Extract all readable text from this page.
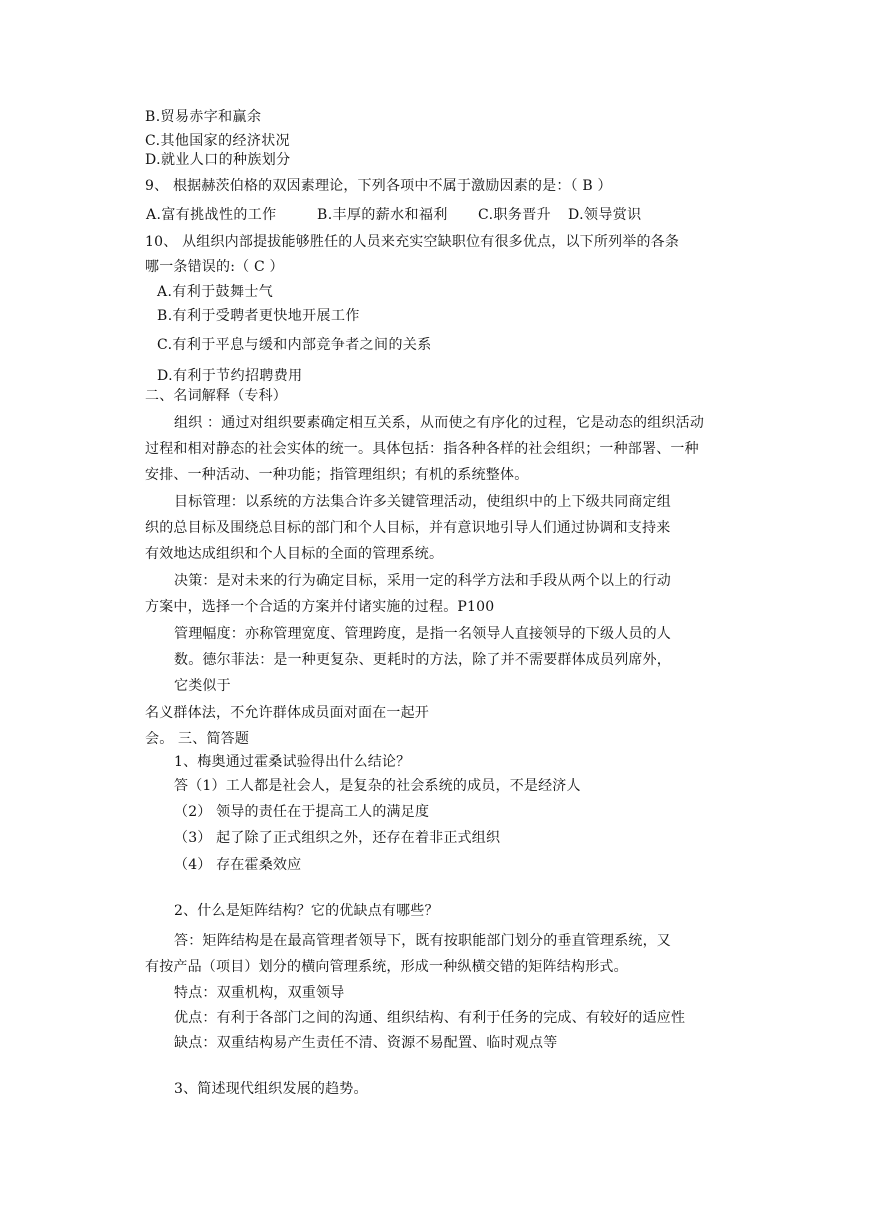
B.贸易赤字和赢余
C.其他国家的经济状况
D.就业人口的种族划分
9、 根据赫茨伯格的双因素理论，下列各项中不属于激励因素的是：（ B ）
A.富有挑战性的工作	B.丰厚的薪水和福利 C.职务晋升 D.领导赏识
10、 从组织内部提拔能够胜任的人员来充实空缺职位有很多优点，以下所列举的各条
哪一条错误的:（ C ）
A.有利于鼓舞士气
B.有利于受聘者更快地开展工作
C.有利于平息与缓和内部竞争者之间的关系
D.有利于节约招聘费用
二、名词解释（专科）
组织 ：通过对组织要素确定相互关系，从而使之有序化的过程，它是动态的组织活动
过程和相对静态的社会实体的统一。具体包括：指各种各样的社会组织；一种部署、一种
安排、一种活动、一种功能；指管理组织；有机的系统整体。
目标管理：以系统的方法集合许多关键管理活动，使组织中的上下级共同商定组
织的总目标及围绕总目标的部门和个人目标，并有意识地引导人们通过协调和支持来
有效地达成组织和个人目标的全面的管理系统。
决策：是对未来的行为确定目标，采用一定的科学方法和手段从两个以上的行动
方案中，选择一个合适的方案并付诸实施的过程。P100
管理幅度：亦称管理宽度、管理跨度，是指一名领导人直接领导的下级人员的人
数。德尔菲法：是一种更复杂、更耗时的方法，除了并不需要群体成员列席外，
它类似于
名义群体法，不允许群体成员面对面在一起开
会。 三、简答题
1、梅奥通过霍桑试验得出什么结论？
答（1）工人都是社会人，是复杂的社会系统的成员，不是经济人
（2） 领导的责任在于提高工人的满足度
（3） 起了除了正式组织之外，还存在着非正式组织
（4） 存在霍桑效应
2、什么是矩阵结构？它的优缺点有哪些？
答：矩阵结构是在最高管理者领导下，既有按职能部门划分的垂直管理系统，又
有按产品（项目）划分的横向管理系统，形成一种纵横交错的矩阵结构形式。
特点：双重机构，双重领导
优点：有利于各部门之间的沟通、组织结构、有利于任务的完成、有较好的适应性
缺点：双重结构易产生责任不清、资源不易配置、临时观点等
3、简述现代组织发展的趋势。
